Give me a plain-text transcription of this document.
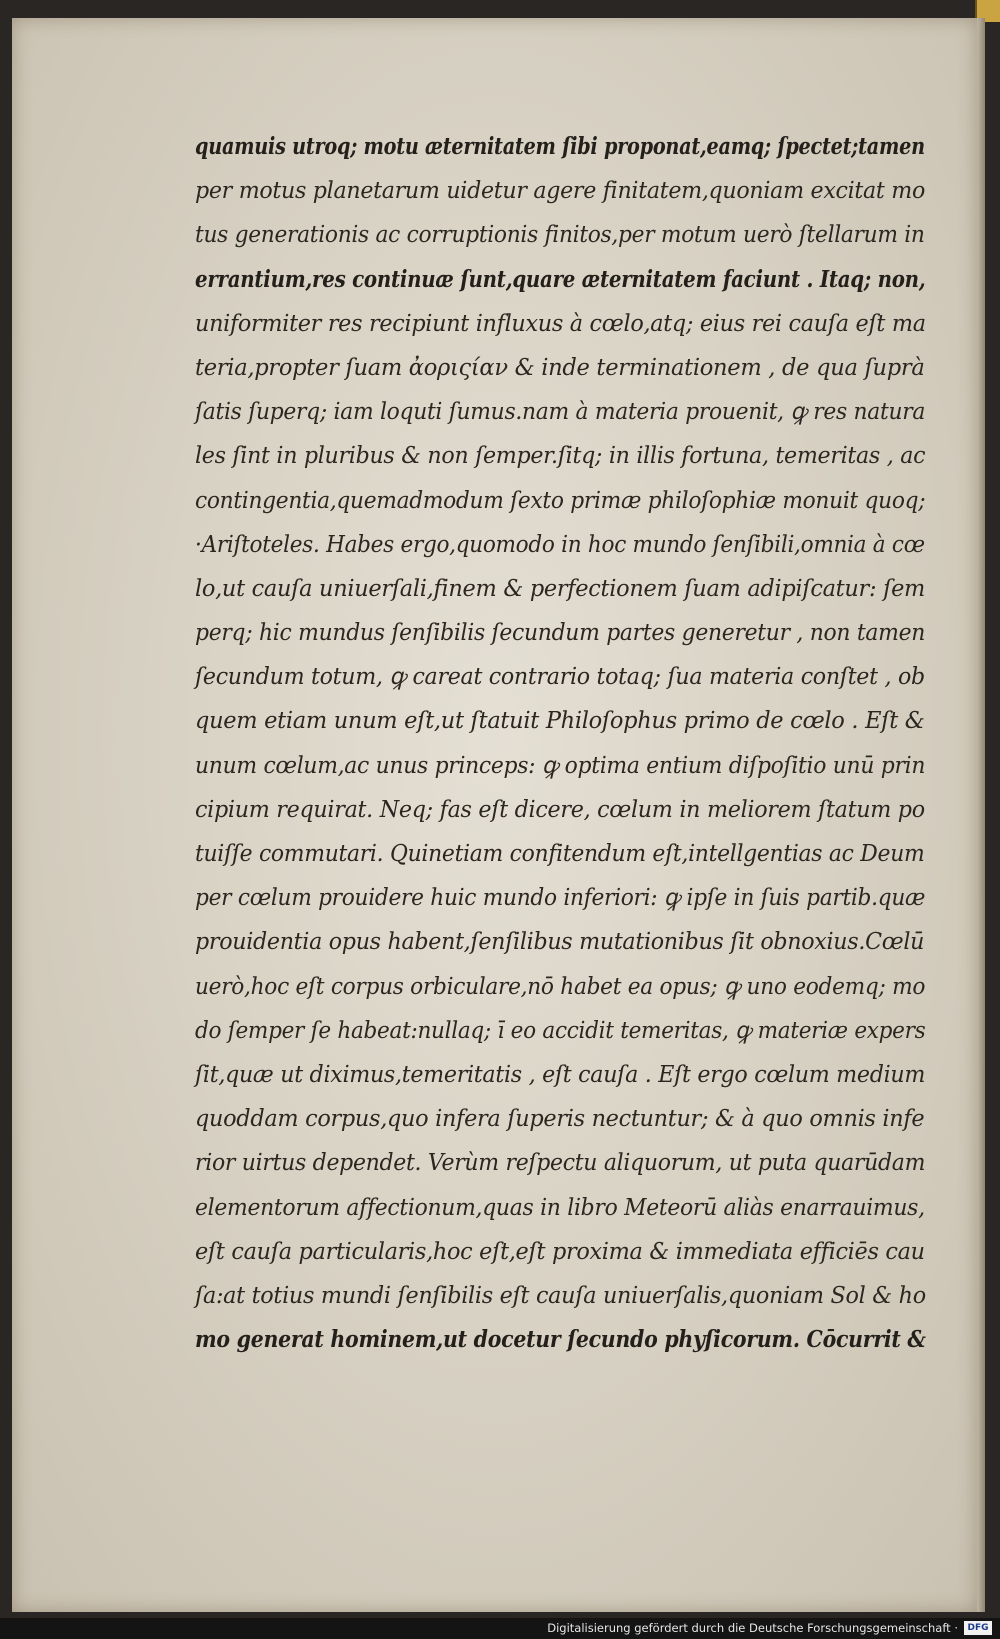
quamuis utroq; motu æternitatem ſibi proponat,eamq; ſpectet;tamen
per motus planetarum uidetur agere finitatem,quoniam excitat mo
tus generationis ac corruptionis finitos,per motum uerò ſtellarum in
errantium,res continuæ ſunt,quare æternitatem faciunt . Itaq; non,
uniformiter res recipiunt influxus à cœlo,atq; eius rei cauſa eſt ma
teria,propter ſuam ἀοριςίαν & inde terminationem , de qua ſuprà
ſatis ſuperq; iam loquti ſumus.nam à materia prouenit, ꝙ res natura
les ſint in pluribus & non ſemper.ſitq; in illis fortuna, temeritas , ac
contingentia,quemadmodum ſexto primæ philoſophiæ monuit quoq;
·Ariſtoteles. Habes ergo,quomodo in hoc mundo ſenſibili,omnia à cœ
lo,ut cauſa uniuerſali,finem & perfectionem ſuam adipiſcatur: ſem
perq; hic mundus ſenſibilis ſecundum partes generetur , non tamen
ſecundum totum, ꝙ careat contrario totaq; ſua materia conſtet , ob
quem etiam unum eſt,ut ſtatuit Philoſophus primo de cœlo . Eſt &
unum cœlum,ac unus princeps: ꝙ optima entium diſpoſitio unū prin
cipium requirat. Neq; fas eſt dicere, cœlum in meliorem ſtatum po
tuiſſe commutari. Quinetiam confitendum eſt,intellgentias ac Deum
per cœlum prouidere huic mundo inferiori: ꝙ ipſe in ſuis partib.quæ
prouidentia opus habent,ſenſilibus mutationibus ſit obnoxius.Cœlū
uerò,hoc eſt corpus orbiculare,nō habet ea opus; ꝙ uno eodemq; mo
do ſemper ſe habeat:nullaq; ī eo accidit temeritas, ꝙ materiæ expers
ſit,quæ ut diximus,temeritatis , eſt cauſa . Eſt ergo cœlum medium
quoddam corpus,quo infera ſuperis nectuntur; & à quo omnis infe
rior uirtus dependet. Verùm reſpectu aliquorum, ut puta quarūdam
elementorum affectionum,quas in libro Meteorū aliàs enarrauimus,
eſt cauſa particularis,hoc eſt,eſt proxima & immediata efficiēs cau
ſa:at totius mundi ſenſibilis eſt cauſa uniuerſalis,quoniam Sol & ho
mo generat hominem,ut docetur ſecundo phyſicorum. Cōcurrit &
Digitalisierung gefördert durch die Deutsche Forschungsgemeinschaft ·	DFG
